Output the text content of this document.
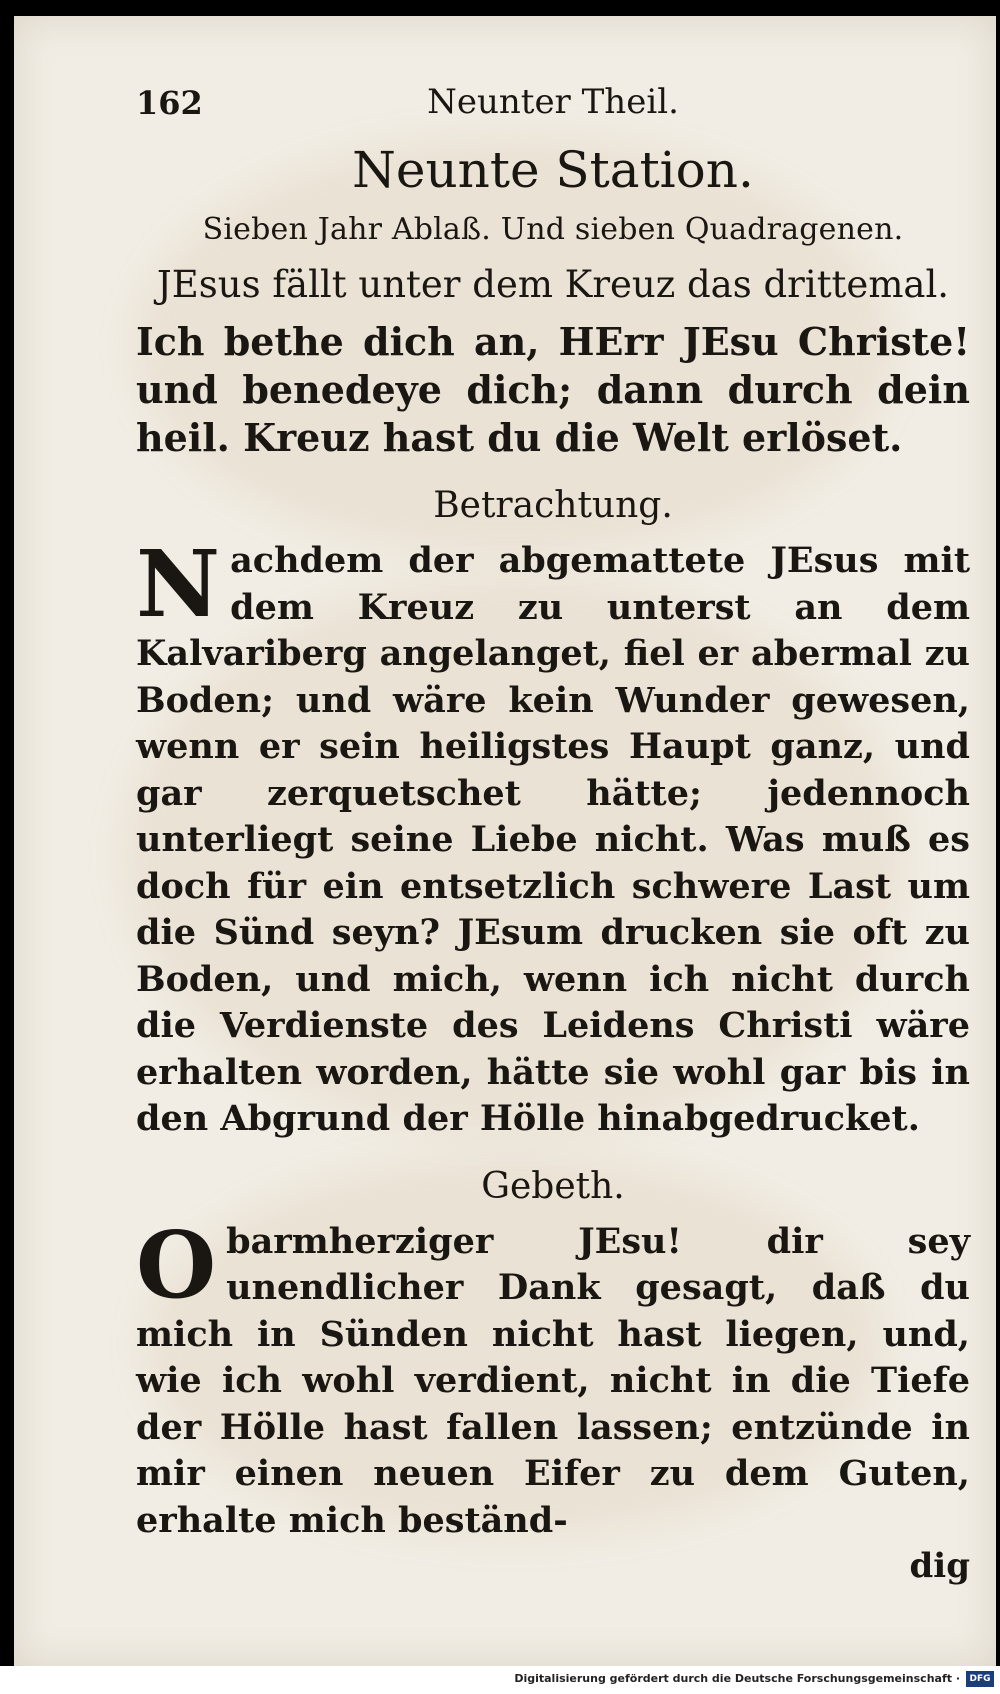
162	Neunter Theil.
Neunte Station.
Sieben Jahr Ablaß. Und sieben Quadragenen.
JEsus fällt unter dem Kreuz das drittemal.
Ich bethe dich an, HErr JEsu Christe! und benedeye dich; dann durch dein heil. Kreuz hast du die Welt erlöset.
Betrachtung.
Nachdem der abgemattete JEsus mit dem Kreuz zu unterst an dem Kalvariberg angelanget, fiel er abermal zu Boden; und wäre kein Wunder gewesen, wenn er sein heiligstes Haupt ganz, und gar zerquetschet hätte; jedennoch unterliegt seine Liebe nicht. Was muß es doch für ein entsetzlich schwere Last um die Sünd seyn? JEsum drucken sie oft zu Boden, und mich, wenn ich nicht durch die Verdienste des Leidens Christi wäre erhalten worden, hätte sie wohl gar bis in den Abgrund der Hölle hinabgedrucket.
Gebeth.
Obarmherziger JEsu! dir sey unendlicher Dank gesagt, daß du mich in Sünden nicht hast liegen, und, wie ich wohl verdient, nicht in die Tiefe der Hölle hast fallen lassen; entzünde in mir einen neuen Eifer zu dem Guten, erhalte mich beständ-
dig
Digitalisierung gefördert durch die Deutsche Forschungsgemeinschaft ·	DFG
